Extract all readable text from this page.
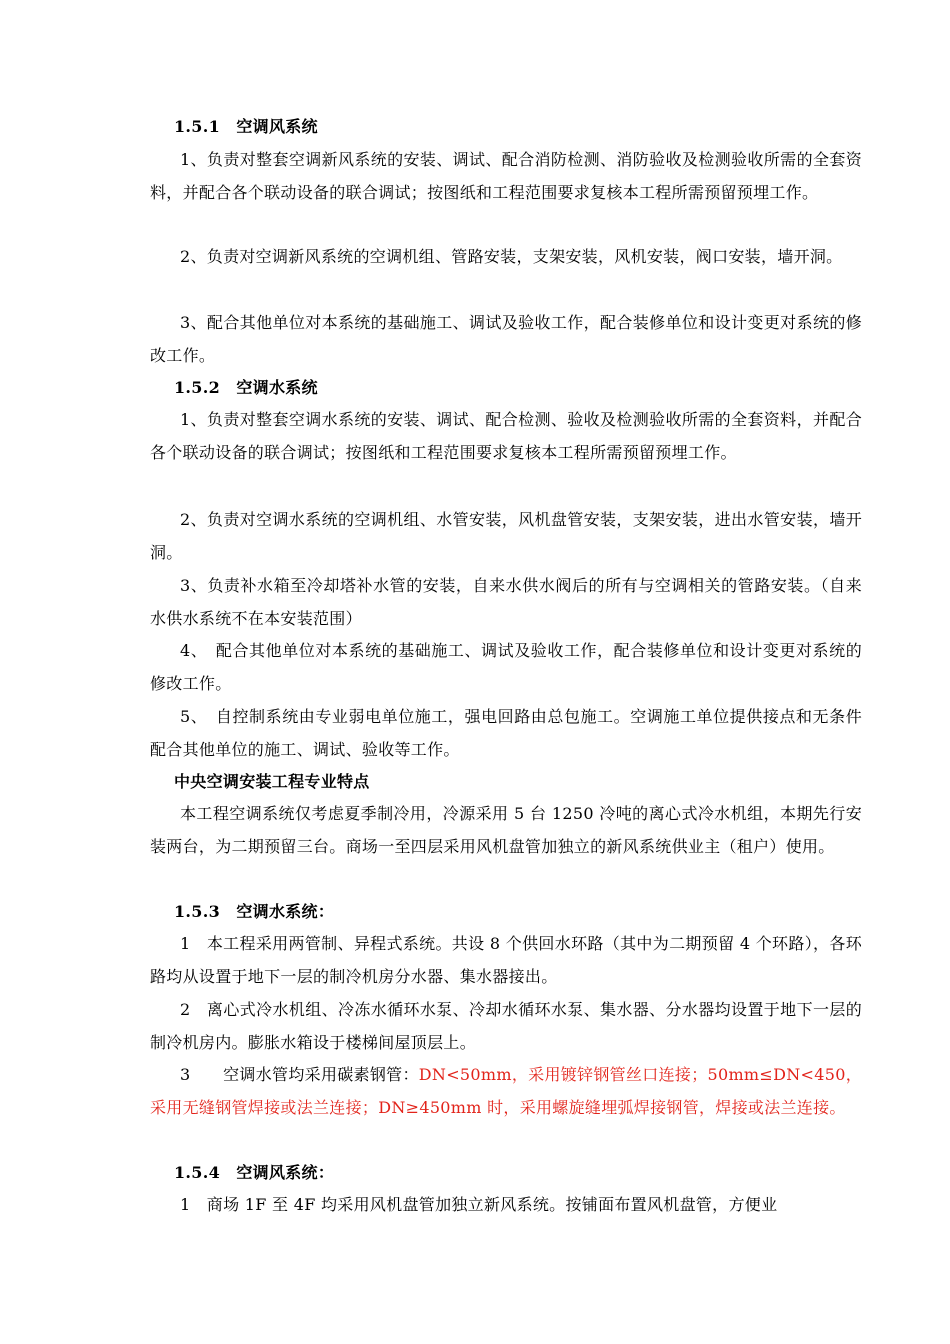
1.5.1　空调风系统

1、负责对整套空调新风系统的安装、调试、配合消防检测、消防验收及检测验收所需的全套资料，并配合各个联动设备的联合调试；按图纸和工程范围要求复核本工程所需预留预埋工作。

2、负责对空调新风系统的空调机组、管路安装，支架安装，风机安装，阀口安装，墙开洞。

3、配合其他单位对本系统的基础施工、调试及验收工作，配合装修单位和设计变更对系统的修改工作。

1.5.2　空调水系统

1、负责对整套空调水系统的安装、调试、配合检测、验收及检测验收所需的全套资料，并配合各个联动设备的联合调试；按图纸和工程范围要求复核本工程所需预留预埋工作。

2、负责对空调水系统的空调机组、水管安装，风机盘管安装，支架安装，进出水管安装，墙开洞。

3、负责补水箱至冷却塔补水管的安装，自来水供水阀后的所有与空调相关的管路安装。（自来水供水系统不在本安装范围）

4、　配合其他单位对本系统的基础施工、调试及验收工作，配合装修单位和设计变更对系统的修改工作。

5、　自控制系统由专业弱电单位施工，强电回路由总包施工。空调施工单位提供接点和无条件配合其他单位的施工、调试、验收等工作。

中央空调安装工程专业特点

本工程空调系统仅考虑夏季制冷用，冷源采用 5 台 1250 冷吨的离心式冷水机组，本期先行安装两台，为二期预留三台。商场一至四层采用风机盘管加独立的新风系统供业主（租户）使用。

1.5.3　空调水系统：

1　本工程采用两管制、异程式系统。共设 8 个供回水环路（其中为二期预留 4 个环路），各环路均从设置于地下一层的制冷机房分水器、集水器接出。

2　离心式冷水机组、冷冻水循环水泵、冷却水循环水泵、集水器、分水器均设置于地下一层的制冷机房内。膨胀水箱设于楼梯间屋顶层上。

3　　空调水管均采用碳素钢管：DN<50mm，采用镀锌钢管丝口连接；50mm≤DN<450，采用无缝钢管焊接或法兰连接；DN≥450mm 时，采用螺旋缝埋弧焊接钢管，焊接或法兰连接。

1.5.4　空调风系统：

1　商场 1F 至 4F 均采用风机盘管加独立新风系统。按铺面布置风机盘管，方便业
